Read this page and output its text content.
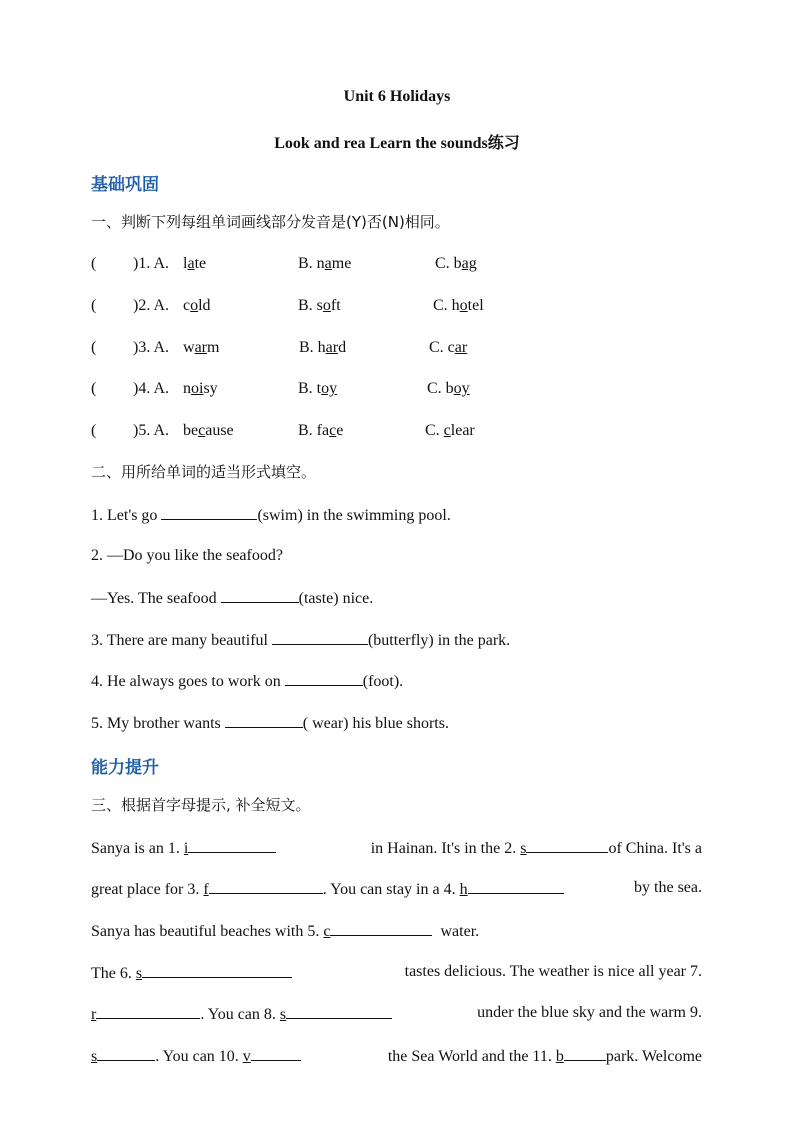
Unit 6 Holidays
Look and rea Learn the sounds练习
基础巩固
一、判断下列每组单词画线部分发音是(Y)否(N)相同。
( )1. A. late	B. name	C. bag
( )2. A. cold	B. soft	C. hotel
( )3. A. warm	B. hard	C. car
( )4. A. noisy	B. toy	C. boy
( )5. A. because	B. face	C. clear
二、用所给单词的适当形式填空。
1. Let's go	(swim) in the swimming pool.
2. —Do you like the seafood?
—Yes. The seafood	(taste) nice.
3. There are many beautiful	(butterfly) in the park.
4. He always goes to work on	(foot).
5. My brother wants	( wear) his blue shorts.
能力提升
三、根据首字母提示, 补全短文。
Sanya is an 1. i	in Hainan. It's in the 2. s	of China. It's a
great place for 3. f	. You can stay in a 4. h	by the sea.
Sanya has beautiful beaches with 5. c	water.
The 6. s	tastes delicious. The weather is nice all year 7.
r	. You can 8. s	under the blue sky and the warm 9.
s	. You can 10. v	the Sea World and the 11. b	park. Welcome
